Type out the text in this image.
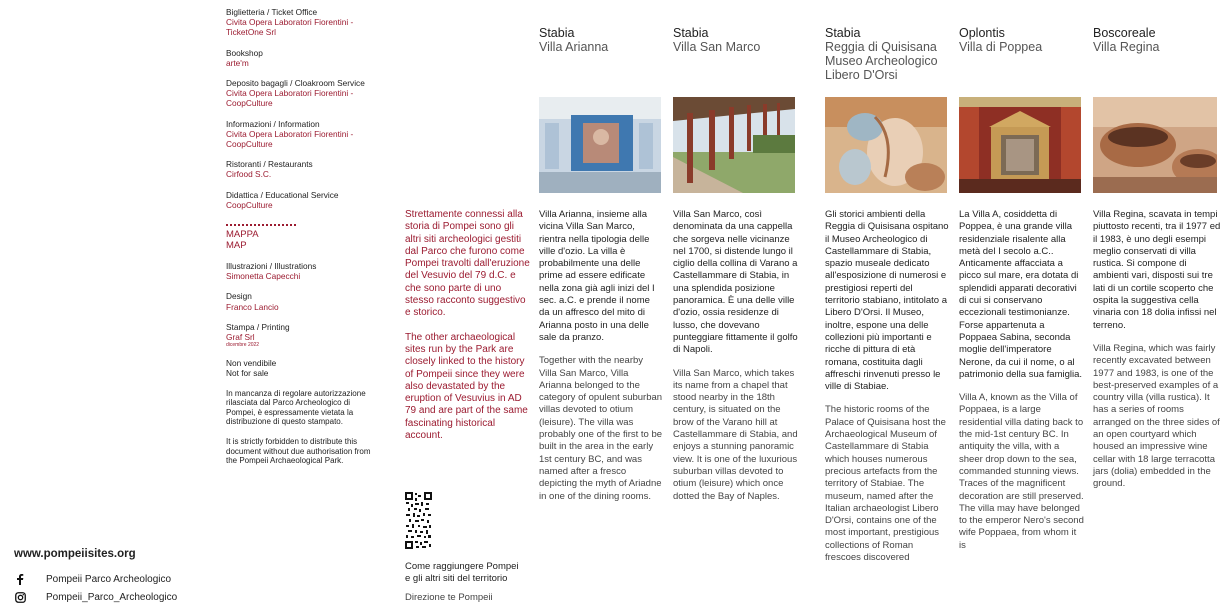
Biglietteria / Ticket Office
Civita Opera Laboratori Fiorentini - TicketOne Srl
Bookshop
arte'm
Deposito bagagli / Cloakroom Service
Civita Opera Laboratori Fiorentini - CoopCulture
Informazioni / Information
Civita Opera Laboratori Fiorentini - CoopCulture
Ristoranti / Restaurants
Cirfood S.C.
Didattica / Educational Service
CoopCulture
MAPPA
MAP
Illustrazioni / Illustrations
Simonetta Capecchi
Design
Franco Lancio
Stampa / Printing
Graf Srl
dicembre 2022
Non vendibile
Not for sale
In mancanza di regolare autorizzazione rilasciata dal Parco Archeologico di Pompei, è espressamente vietata la distribuzione di questo stampato.
It is strictly forbidden to distribute this document without due authorisation from the Pompeii Archaeological Park.

Strettamente connessi alla storia di Pompei sono gli altri siti archeologici gestiti dal Parco che furono come Pompei travolti dall'eruzione del Vesuvio del 79 d.C. e che sono parte di uno stesso racconto suggestivo e storico.

The other archaeological sites run by the Park are closely linked to the history of Pompeii since they were also devastated by the eruption of Vesuvius in AD 79 and are part of the same fascinating historical account.

Come raggiungere Pompei e gli altri siti del territorio
Direzione te Pompeii
www.pompeiisites.org
Pompeii Parco Archeologico
Pompeii_Parco_Archeologico
Stabia
Villa Arianna
Stabia
Villa San Marco
Stabia
Reggia di Quisisana Museo Archeologico Libero D'Orsi
Oplontis
Villa di Poppea
Boscoreale
Villa Regina

Villa Arianna, insieme alla vicina Villa San Marco, rientra nella tipologia delle ville d'ozio. La villa è probabilmente una delle prime ad essere edificate nella zona già agli inizi del I sec. a.C. e prende il nome da un affresco del mito di Arianna posto in una delle sale da pranzo.

Together with the nearby Villa San Marco, Villa Arianna belonged to the category of opulent suburban villas devoted to otium (leisure). The villa was probably one of the first to be built in the area in the early 1st century BC, and was named after a fresco depicting the myth of Ariadne in one of the dining rooms.

Villa San Marco, così denominata da una cappella che sorgeva nelle vicinanze nel 1700, si distende lungo il ciglio della collina di Varano a Castellammare di Stabia, in una splendida posizione panoramica. È una delle ville d'ozio, ossia residenze di lusso, che dovevano punteggiare fittamente il golfo di Napoli.

Villa San Marco, which takes its name from a chapel that stood nearby in the 18th century, is situated on the brow of the Varano hill at Castellammare di Stabia, and enjoys a stunning panoramic view. It is one of the luxurious suburban villas devoted to otium (leisure) which once dotted the Bay of Naples.

Gli storici ambienti della Reggia di Quisisana ospitano il Museo Archeologico di Castellammare di Stabia, spazio museale dedicato all'esposizione di numerosi e prestigiosi reperti del territorio stabiano, intitolato a Libero D'Orsi. Il Museo, inoltre, espone una delle collezioni più importanti e ricche di pittura di età romana, costituita dagli affreschi rinvenuti presso le ville di Stabiae.

The historic rooms of the Palace of Quisisana host the Archaeological Museum of Castellammare di Stabia which houses numerous precious artefacts from the territory of Stabiae. The museum, named after the Italian archaeologist Libero D'Orsi, contains one of the most important, prestigious collections of Roman frescoes discovered

La Villa A, cosiddetta di Poppea, è una grande villa residenziale risalente alla metà del I secolo a.C.. Anticamente affacciata a picco sul mare, era dotata di splendidi apparati decorativi di cui si conservano eccezionali testimonianze. Forse appartenuta a Poppaea Sabina, seconda moglie dell'imperatore Nerone, da cui il nome, o al patrimonio della sua famiglia.

Villa A, known as the Villa of Poppaea, is a large residential villa dating back to the mid-1st century BC. In antiquity the villa, with a sheer drop down to the sea, commanded stunning views. Traces of the magnificent decoration are still preserved. The villa may have belonged to the emperor Nero's second wife Poppaea, from whom it is

Villa Regina, scavata in tempi piuttosto recenti, tra il 1977 ed il 1983, è uno degli esempi meglio conservati di villa rustica. Si compone di ambienti vari, disposti sui tre lati di un cortile scoperto che ospita la suggestiva cella vinaria con 18 dolia infissi nel terreno.

Villa Regina, which was fairly recently excavated between 1977 and 1983, is one of the best-preserved examples of a country villa (villa rustica). It has a series of rooms arranged on the three sides of an open courtyard which housed an impressive wine cellar with 18 large terracotta jars (dolia) embedded in the ground.
